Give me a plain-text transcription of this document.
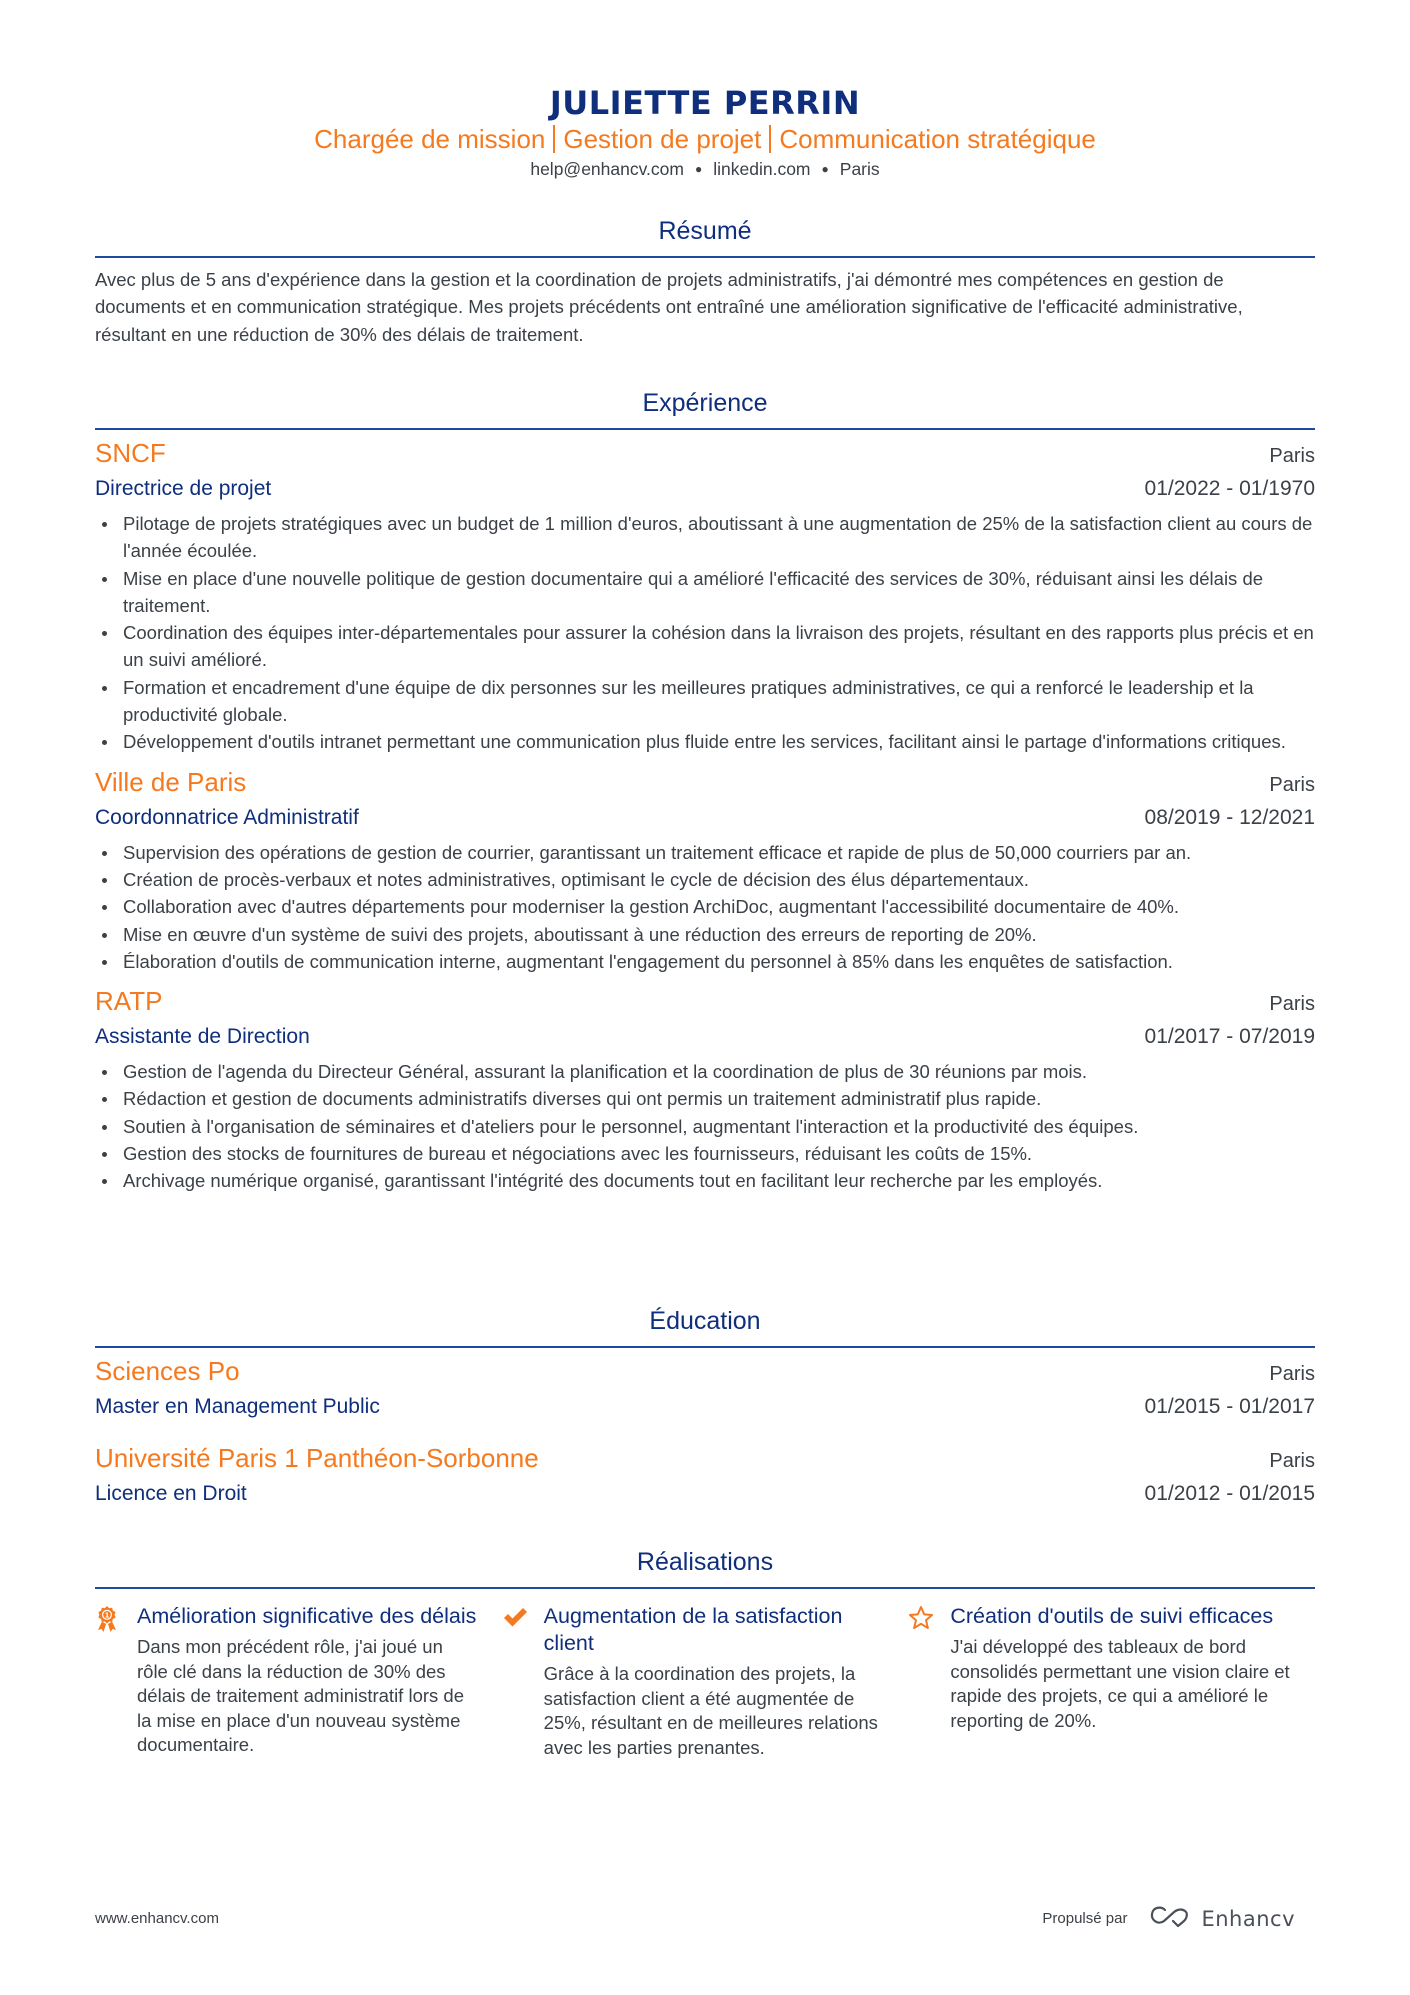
JULIETTE PERRIN
Chargée de mission Gestion de projet Communication stratégique
help@enhancv.com ● linkedin.com ● Paris
Résumé
Avec plus de 5 ans d'expérience dans la gestion et la coordination de projets administratifs, j'ai démontré mes compétences en gestion de documents et en communication stratégique. Mes projets précédents ont entraîné une amélioration significative de l'efficacité administrative, résultant en une réduction de 30% des délais de traitement.
Expérience
SNCF	Paris
Directrice de projet	01/2022 - 01/1970
Pilotage de projets stratégiques avec un budget de 1 million d'euros, aboutissant à une augmentation de 25% de la satisfaction client au cours de l'année écoulée.
Mise en place d'une nouvelle politique de gestion documentaire qui a amélioré l'efficacité des services de 30%, réduisant ainsi les délais de traitement.
Coordination des équipes inter-départementales pour assurer la cohésion dans la livraison des projets, résultant en des rapports plus précis et en un suivi amélioré.
Formation et encadrement d'une équipe de dix personnes sur les meilleures pratiques administratives, ce qui a renforcé le leadership et la productivité globale.
Développement d'outils intranet permettant une communication plus fluide entre les services, facilitant ainsi le partage d'informations critiques.
Ville de Paris	Paris
Coordonnatrice Administratif	08/2019 - 12/2021
Supervision des opérations de gestion de courrier, garantissant un traitement efficace et rapide de plus de 50,000 courriers par an.
Création de procès-verbaux et notes administratives, optimisant le cycle de décision des élus départementaux.
Collaboration avec d'autres départements pour moderniser la gestion ArchiDoc, augmentant l'accessibilité documentaire de 40%.
Mise en œuvre d'un système de suivi des projets, aboutissant à une réduction des erreurs de reporting de 20%.
Élaboration d'outils de communication interne, augmentant l'engagement du personnel à 85% dans les enquêtes de satisfaction.
RATP	Paris
Assistante de Direction	01/2017 - 07/2019
Gestion de l'agenda du Directeur Général, assurant la planification et la coordination de plus de 30 réunions par mois.
Rédaction et gestion de documents administratifs diverses qui ont permis un traitement administratif plus rapide.
Soutien à l'organisation de séminaires et d'ateliers pour le personnel, augmentant l'interaction et la productivité des équipes.
Gestion des stocks de fournitures de bureau et négociations avec les fournisseurs, réduisant les coûts de 15%.
Archivage numérique organisé, garantissant l'intégrité des documents tout en facilitant leur recherche par les employés.
Éducation
Sciences Po	Paris
Master en Management Public	01/2015 - 01/2017
Université Paris 1 Panthéon-Sorbonne	Paris
Licence en Droit	01/2012 - 01/2015
Réalisations
1 Amélioration significative des délais
Dans mon précédent rôle, j'ai joué un rôle clé dans la réduction de 30% des délais de traitement administratif lors de la mise en place d'un nouveau système documentaire.
Augmentation de la satisfaction client
Grâce à la coordination des projets, la satisfaction client a été augmentée de 25%, résultant en de meilleures relations avec les parties prenantes.
Création d'outils de suivi efficaces
J'ai développé des tableaux de bord consolidés permettant une vision claire et rapide des projets, ce qui a amélioré le reporting de 20%.
www.enhancv.com	Propulsé par	Enhancv
